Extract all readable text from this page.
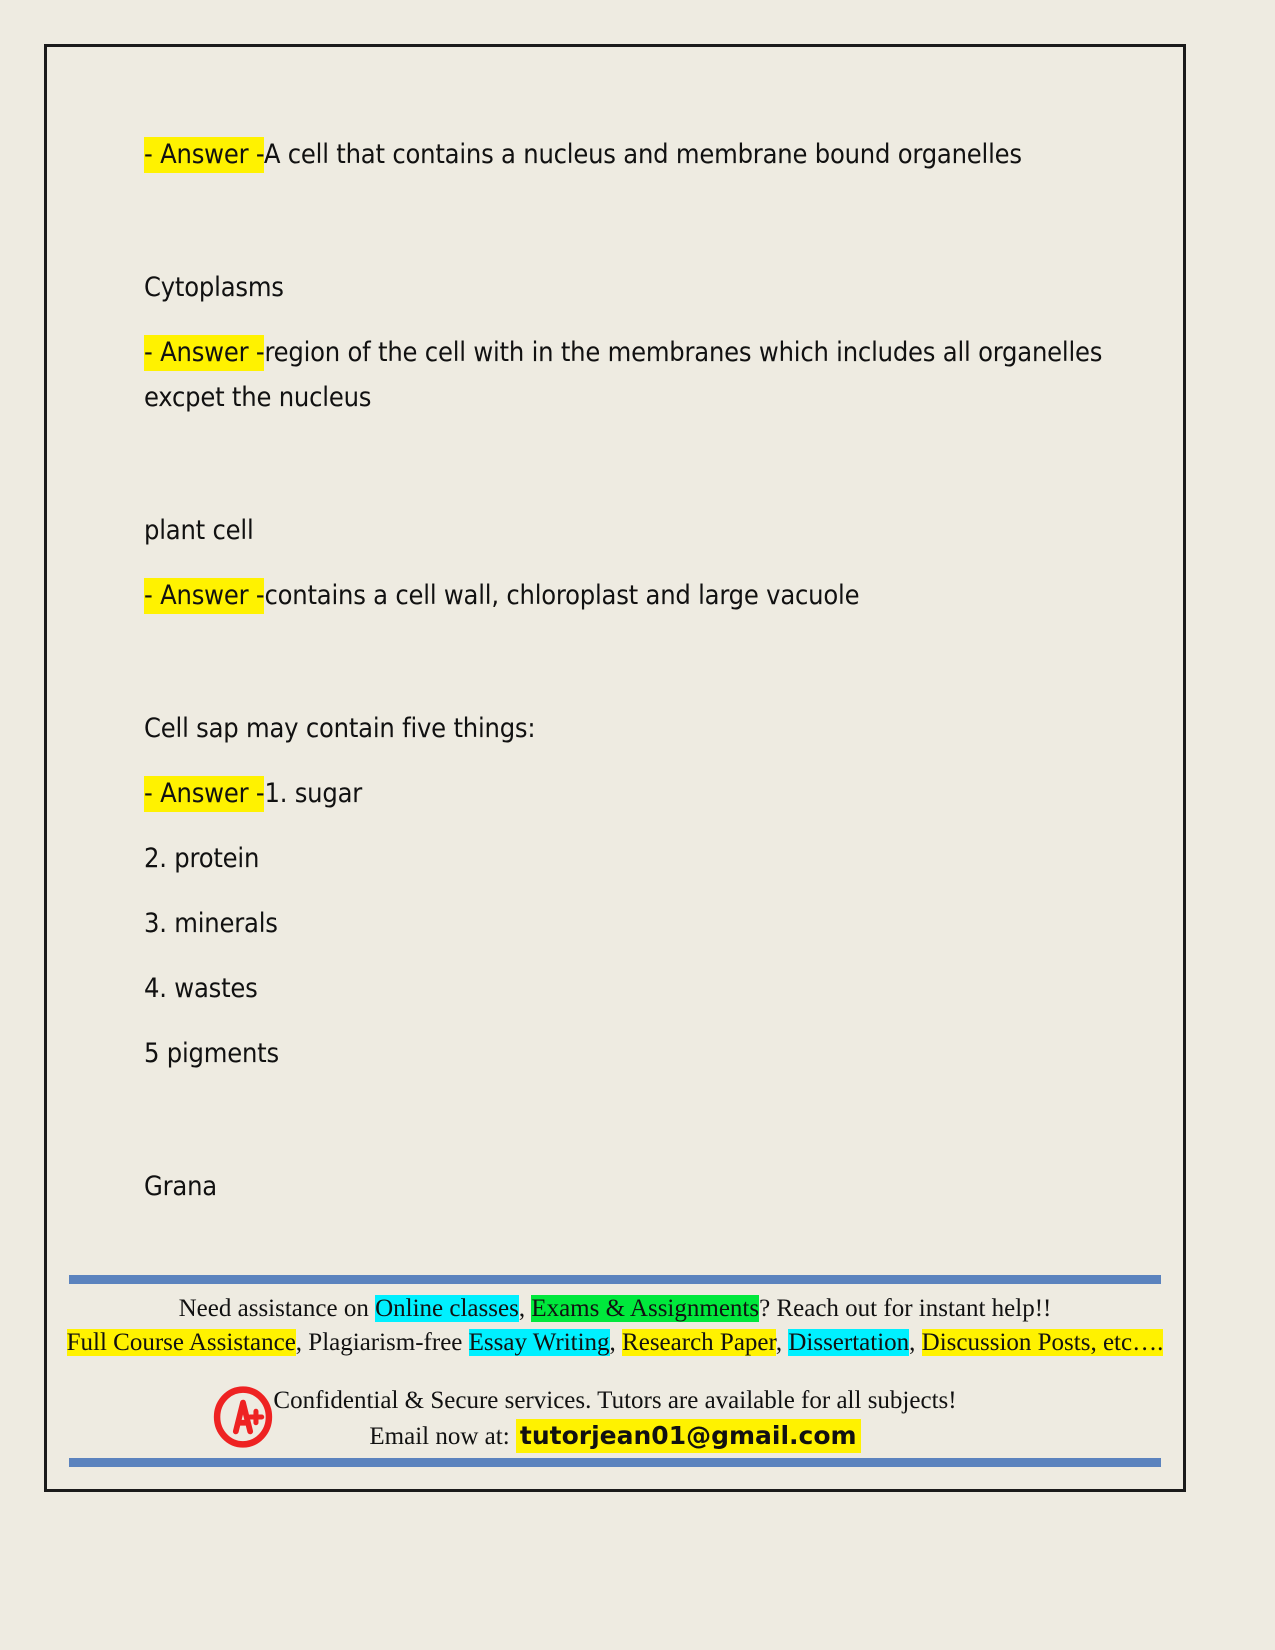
- Answer -A cell that contains a nucleus and membrane bound organelles

Cytoplasms

- Answer -region of the cell with in the membranes which includes all organelles excpet the nucleus

plant cell

- Answer -contains a cell wall, chloroplast and large vacuole

Cell sap may contain five things:

- Answer -1. sugar

2. protein

3. minerals

4. wastes

5 pigments

Grana

Need assistance on Online classes, Exams & Assignments? Reach out for instant help!!
Full Course Assistance, Plagiarism-free Essay Writing, Research Paper, Dissertation, Discussion Posts, etc….
Confidential & Secure services. Tutors are available for all subjects!
Email now at: tutorjean01@gmail.com
